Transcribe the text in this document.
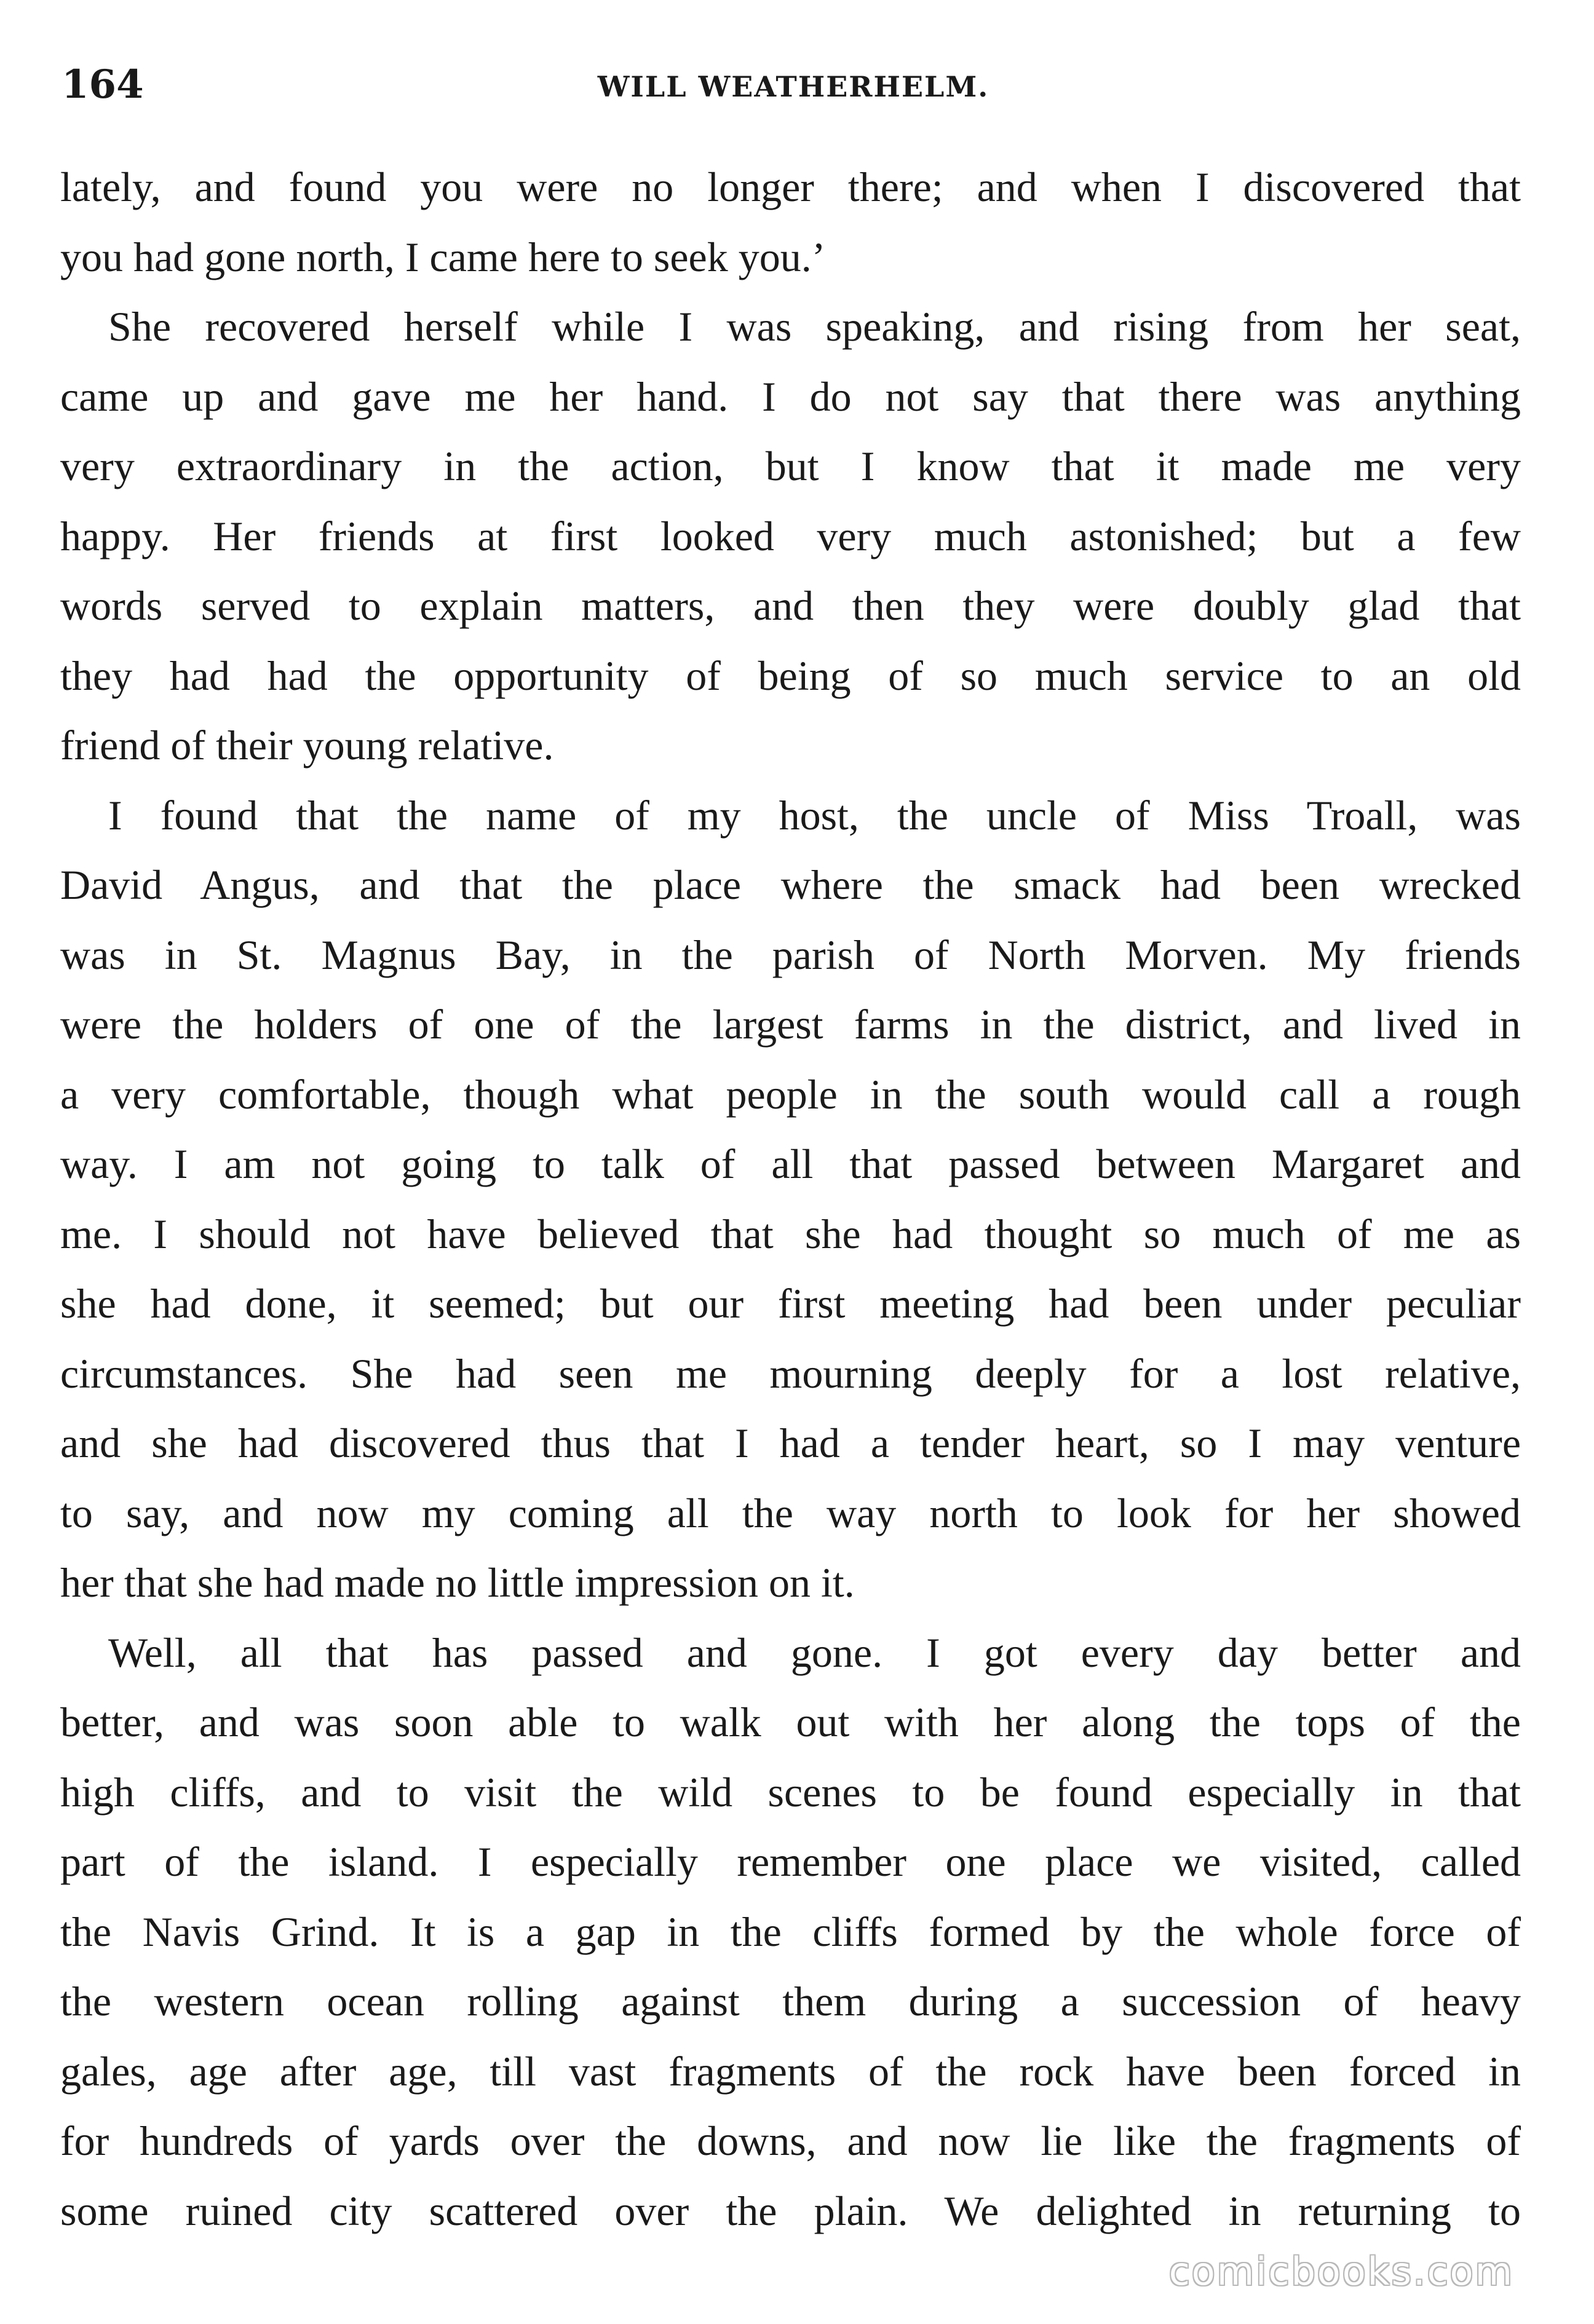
164	WILL WEATHERHELM.
lately, and found you were no longer there; and when I discovered that
you had gone north, I came here to seek you.’
She recovered herself while I was speaking, and rising from her seat,
came up and gave me her hand. I do not say that there was anything
very extraordinary in the action, but I know that it made me very
happy. Her friends at first looked very much astonished; but a few
words served to explain matters, and then they were doubly glad that
they had had the opportunity of being of so much service to an old
friend of their young relative.
I found that the name of my host, the uncle of Miss Troall, was
David Angus, and that the place where the smack had been wrecked
was in St. Magnus Bay, in the parish of North Morven. My friends
were the holders of one of the largest farms in the district, and lived in
a very comfortable, though what people in the south would call a rough
way. I am not going to talk of all that passed between Margaret and
me. I should not have believed that she had thought so much of me as
she had done, it seemed; but our first meeting had been under peculiar
circumstances. She had seen me mourning deeply for a lost relative,
and she had discovered thus that I had a tender heart, so I may venture
to say, and now my coming all the way north to look for her showed
her that she had made no little impression on it.
Well, all that has passed and gone. I got every day better and
better, and was soon able to walk out with her along the tops of the
high cliffs, and to visit the wild scenes to be found especially in that
part of the island. I especially remember one place we visited, called
the Navis Grind. It is a gap in the cliffs formed by the whole force of
the western ocean rolling against them during a succession of heavy
gales, age after age, till vast fragments of the rock have been forced in
for hundreds of yards over the downs, and now lie like the fragments of
some ruined city scattered over the plain. We delighted in returning to
comicbooks.com
